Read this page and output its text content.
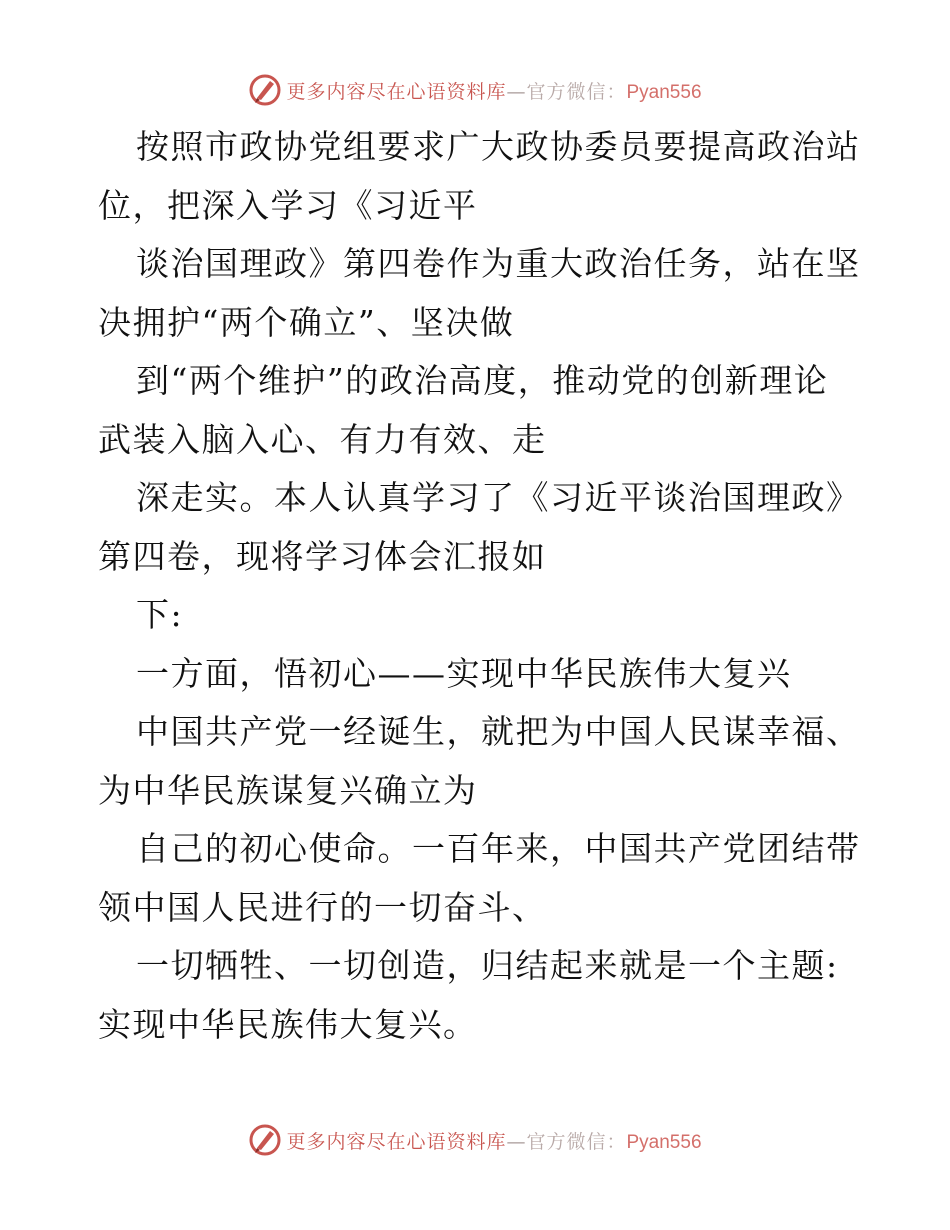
更多内容尽在心语资料库—官方微信：Pyan556
按照市政协党组要求广大政协委员要提高政治站
位，把深入学习《习近平
谈治国理政》第四卷作为重大政治任务，站在坚
决拥护“两个确立”、坚决做
到“两个维护”的政治高度，推动党的创新理论
武装入脑入心、有力有效、走
深走实。本人认真学习了《习近平谈治国理政》
第四卷，现将学习体会汇报如
下:
一方面，悟初心——实现中华民族伟大复兴
中国共产党一经诞生，就把为中国人民谋幸福、
为中华民族谋复兴确立为
自己的初心使命。一百年来，中国共产党团结带
领中国人民进行的一切奋斗、
一切牺牲、一切创造，归结起来就是一个主题:
实现中华民族伟大复兴。
更多内容尽在心语资料库—官方微信：Pyan556
